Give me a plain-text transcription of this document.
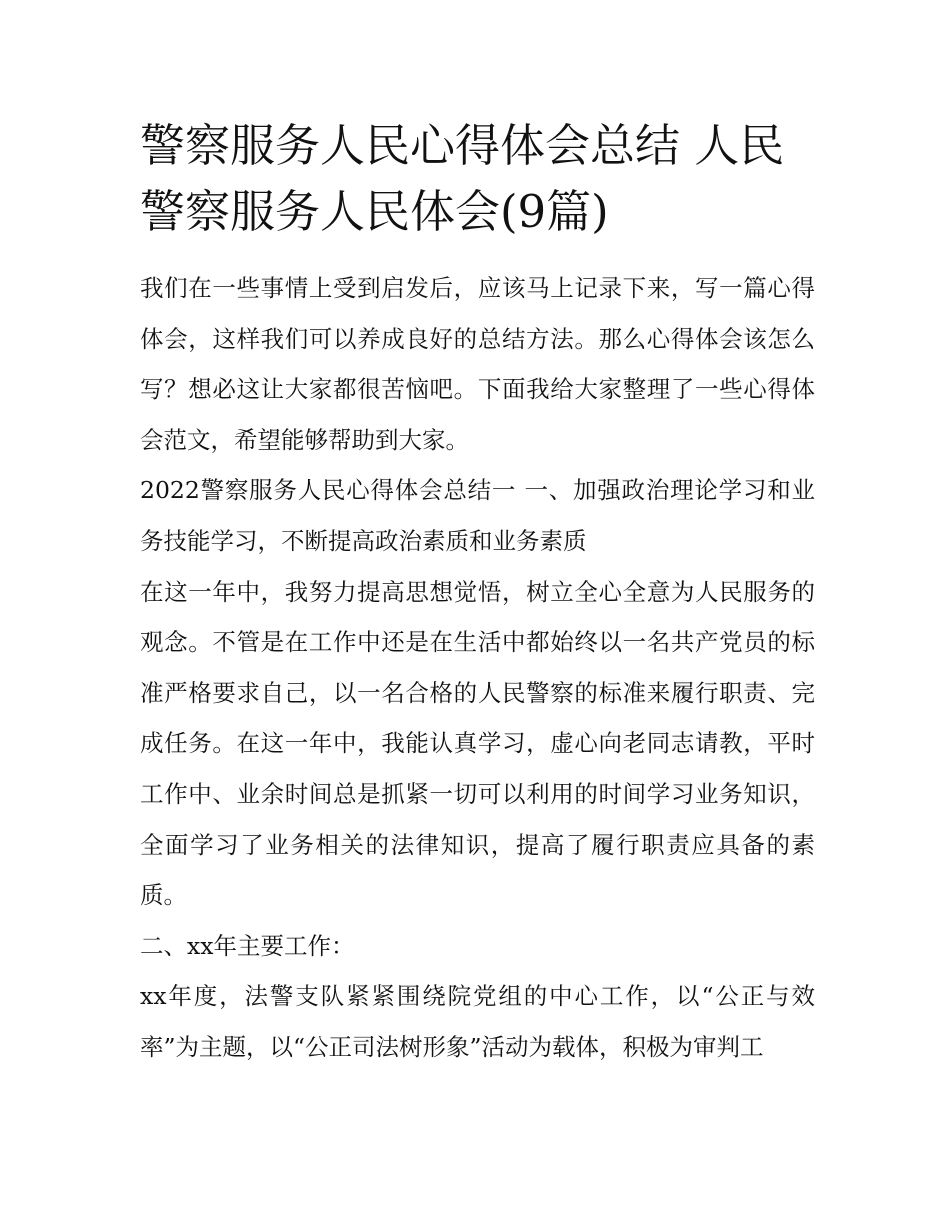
警察服务人民心得体会总结 人民警察服务人民体会(9篇)

我们在一些事情上受到启发后，应该马上记录下来，写一篇心得体会，这样我们可以养成良好的总结方法。那么心得体会该怎么写？想必这让大家都很苦恼吧。下面我给大家整理了一些心得体会范文，希望能够帮助到大家。

2022警察服务人民心得体会总结一 一、加强政治理论学习和业务技能学习，不断提高政治素质和业务素质

在这一年中，我努力提高思想觉悟，树立全心全意为人民服务的观念。不管是在工作中还是在生活中都始终以一名共产党员的标准严格要求自己，以一名合格的人民警察的标准来履行职责、完成任务。在这一年中，我能认真学习，虚心向老同志请教，平时工作中、业余时间总是抓紧一切可以利用的时间学习业务知识，全面学习了业务相关的法律知识，提高了履行职责应具备的素质。

二、xx年主要工作：

xx年度，法警支队紧紧围绕院党组的中心工作，以“公正与效率”为主题，以“公正司法树形象”活动为载体，积极为审判工
